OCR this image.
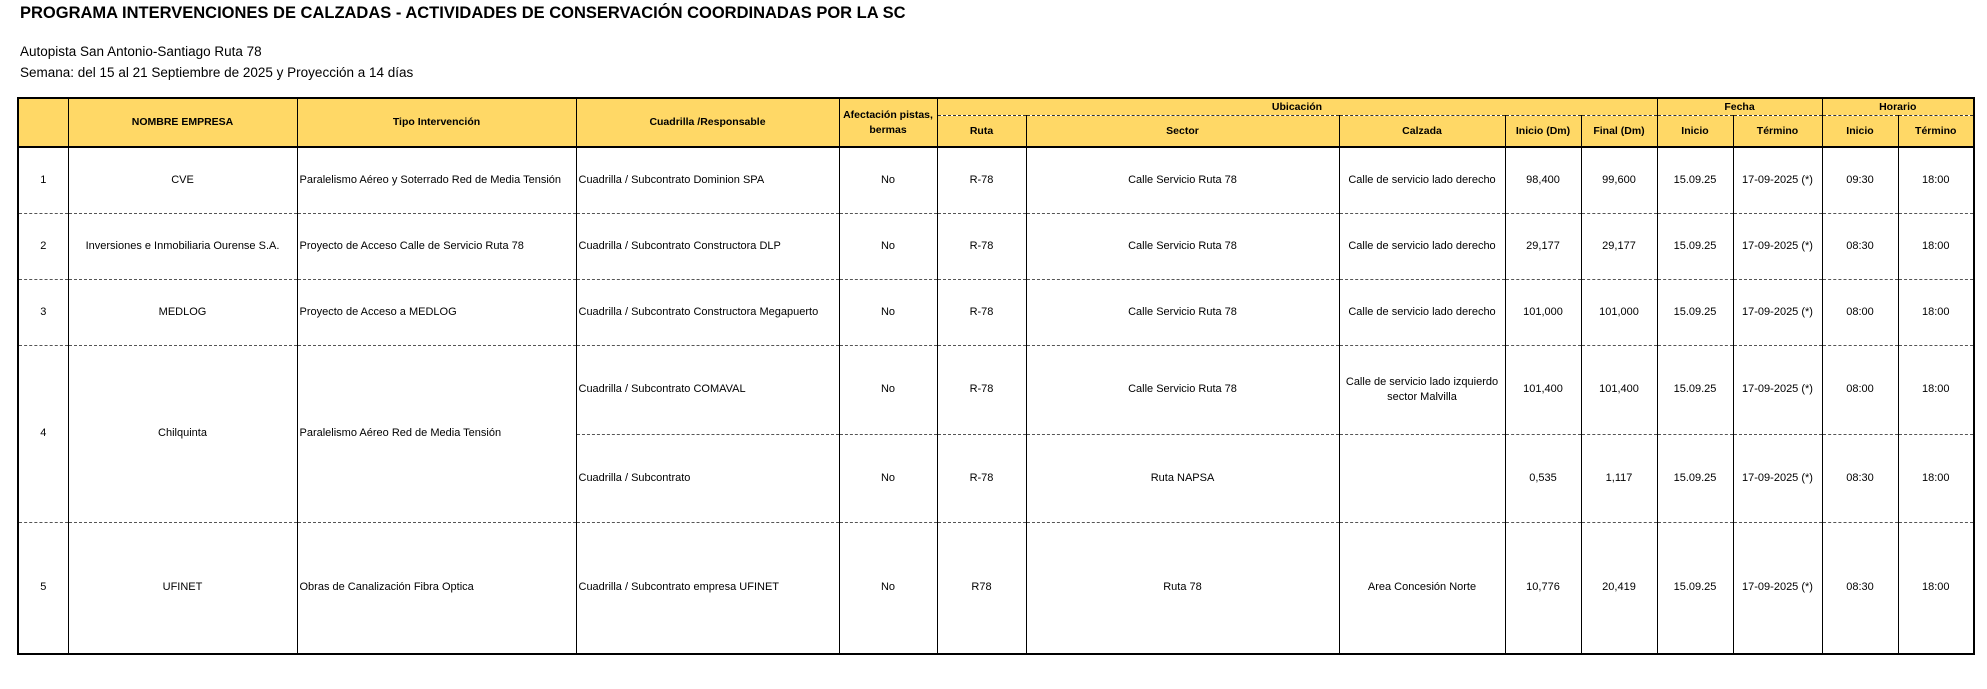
PROGRAMA INTERVENCIONES DE CALZADAS - ACTIVIDADES DE CONSERVACIÓN COORDINADAS POR LA SC
Autopista San Antonio-Santiago Ruta 78
Semana: del 15 al 21 Septiembre de 2025 y Proyección a 14 días
	NOMBRE EMPRESA	Tipo Intervención	Cuadrilla /Responsable	Afectación pistas, bermas	Ubicación					Fecha		Horario	
					Ruta	Sector	Calzada	Inicio (Dm)	Final (Dm)	Inicio	Término	Inicio	Término
1	CVE	Paralelismo Aéreo y Soterrado Red de Media Tensión	Cuadrilla / Subcontrato Dominion SPA	No	R-78	Calle Servicio Ruta 78	Calle de servicio lado derecho	98,400	99,600	15.09.25	17-09-2025 (*)	09:30	18:00
2	Inversiones e Inmobiliaria Ourense S.A.	Proyecto de Acceso Calle de Servicio Ruta 78	Cuadrilla / Subcontrato Constructora DLP	No	R-78	Calle Servicio Ruta 78	Calle de servicio lado derecho	29,177	29,177	15.09.25	17-09-2025 (*)	08:30	18:00
3	MEDLOG	Proyecto de Acceso a MEDLOG	Cuadrilla / Subcontrato Constructora Megapuerto	No	R-78	Calle Servicio Ruta 78	Calle de servicio lado derecho	101,000	101,000	15.09.25	17-09-2025 (*)	08:00	18:00
4	Chilquinta	Paralelismo Aéreo Red de Media Tensión	Cuadrilla / Subcontrato COMAVAL	No	R-78	Calle Servicio Ruta 78	Calle de servicio lado izquierdo sector Malvilla	101,400	101,400	15.09.25	17-09-2025 (*)	08:00	18:00
			Cuadrilla / Subcontrato	No	R-78	Ruta NAPSA		0,535	1,117	15.09.25	17-09-2025 (*)	08:30	18:00
5	UFINET	Obras de Canalización Fibra Optica	Cuadrilla / Subcontrato empresa UFINET	No	R78	Ruta 78	Area Concesión Norte	10,776	20,419	15.09.25	17-09-2025 (*)	08:30	18:00
